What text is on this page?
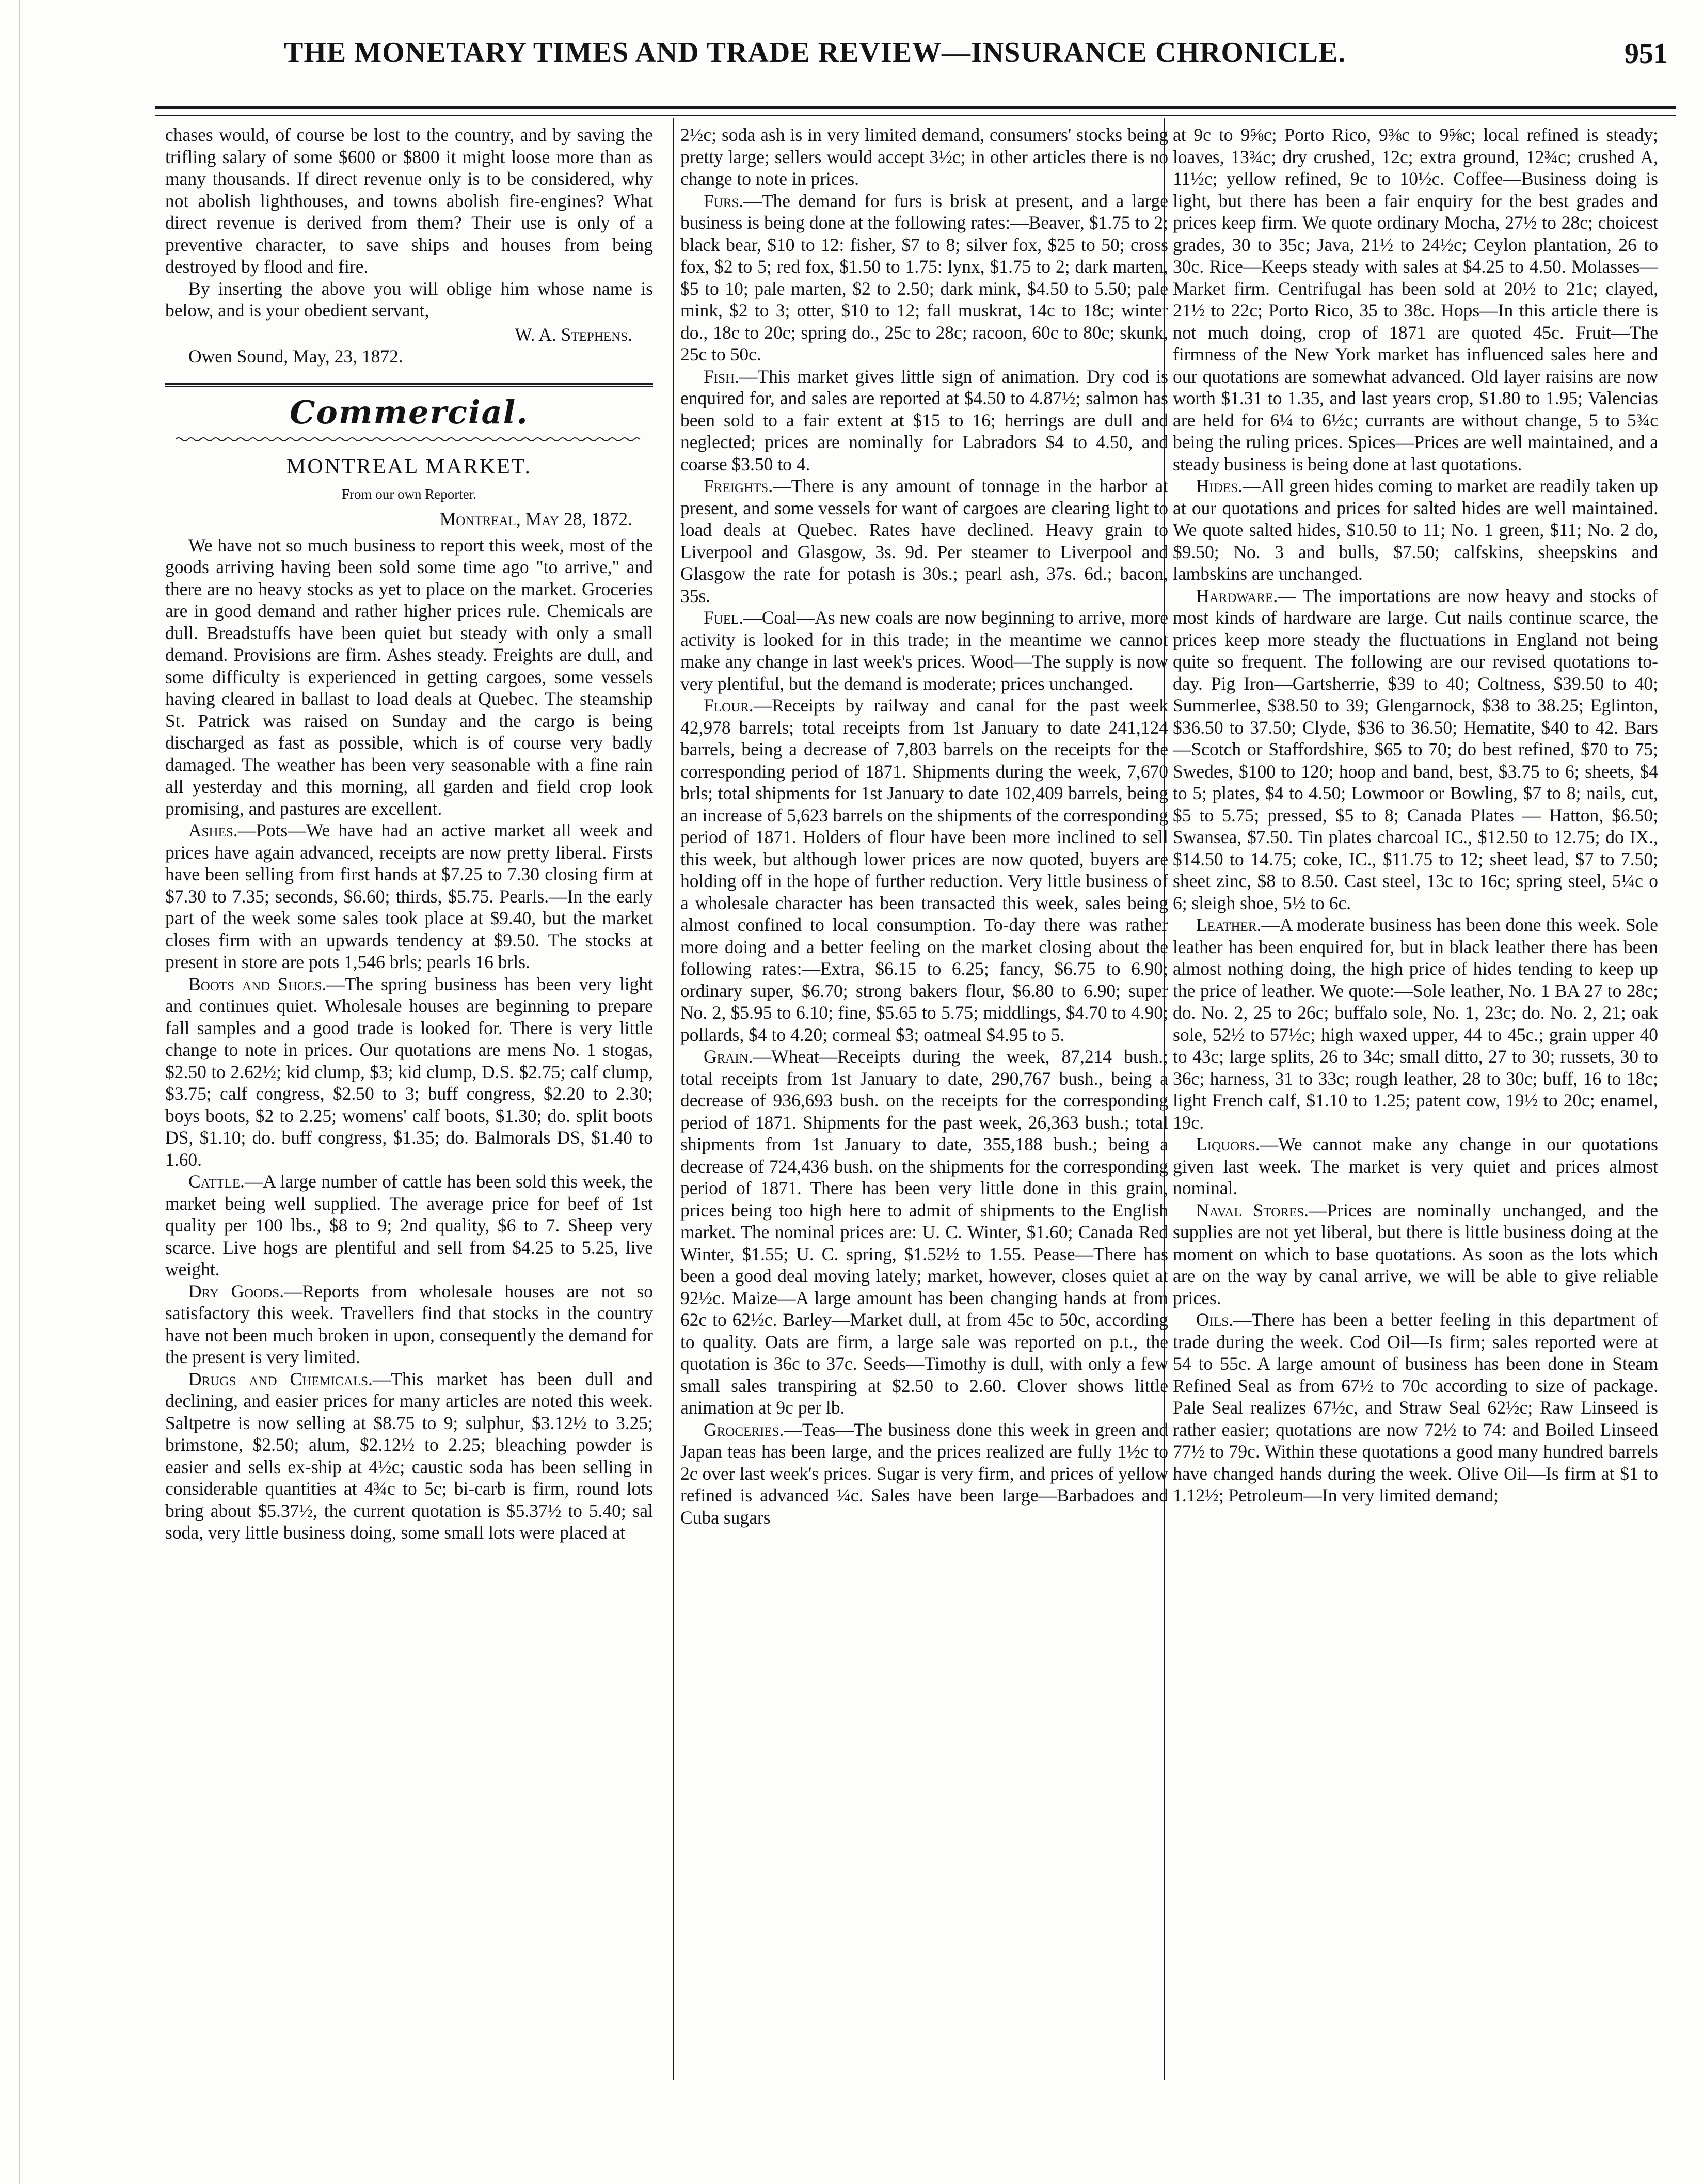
THE MONETARY TIMES AND TRADE REVIEW—INSURANCE CHRONICLE.	951

chases would, of course be lost to the country, and by saving the trifling salary of some $600 or $800 it might loose more than as many thousands. If direct revenue only is to be considered, why not abolish lighthouses, and towns abolish fire-engines? What direct revenue is derived from them? Their use is only of a preventive character, to save ships and houses from being destroyed by flood and fire.

By inserting the above you will oblige him whose name is below, and is your obedient servant,

W. A. Stephens.

Owen Sound, May, 23, 1872.

Commercial.
MONTREAL MARKET.
From our own Reporter.
Montreal, May 28, 1872.

We have not so much business to report this week, most of the goods arriving having been sold some time ago "to arrive," and there are no heavy stocks as yet to place on the market. Groceries are in good demand and rather higher prices rule. Chemicals are dull. Breadstuffs have been quiet but steady with only a small demand. Provisions are firm. Ashes steady. Freights are dull, and some difficulty is experienced in getting cargoes, some vessels having cleared in ballast to load deals at Quebec. The steamship St. Patrick was raised on Sunday and the cargo is being discharged as fast as possible, which is of course very badly damaged. The weather has been very seasonable with a fine rain all yesterday and this morning, all garden and field crop look promising, and pastures are excellent.

Ashes.—Pots—We have had an active market all week and prices have again advanced, receipts are now pretty liberal. Firsts have been selling from first hands at $7.25 to 7.30 closing firm at $7.30 to 7.35; seconds, $6.60; thirds, $5.75. Pearls.—In the early part of the week some sales took place at $9.40, but the market closes firm with an upwards tendency at $9.50. The stocks at present in store are pots 1,546 brls; pearls 16 brls.

Boots and Shoes.—The spring business has been very light and continues quiet. Wholesale houses are beginning to prepare fall samples and a good trade is looked for. There is very little change to note in prices. Our quotations are mens No. 1 stogas, $2.50 to 2.62½; kid clump, $3; kid clump, D.S. $2.75; calf clump, $3.75; calf congress, $2.50 to 3; buff congress, $2.20 to 2.30; boys boots, $2 to 2.25; womens' calf boots, $1.30; do. split boots DS, $1.10; do. buff congress, $1.35; do. Balmorals DS, $1.40 to 1.60.

Cattle.—A large number of cattle has been sold this week, the market being well supplied. The average price for beef of 1st quality per 100 lbs., $8 to 9; 2nd quality, $6 to 7. Sheep very scarce. Live hogs are plentiful and sell from $4.25 to 5.25, live weight.

Dry Goods.—Reports from wholesale houses are not so satisfactory this week. Travellers find that stocks in the country have not been much broken in upon, consequently the demand for the present is very limited.

Drugs and Chemicals.—This market has been dull and declining, and easier prices for many articles are noted this week. Saltpetre is now selling at $8.75 to 9; sulphur, $3.12½ to 3.25; brimstone, $2.50; alum, $2.12½ to 2.25; bleaching powder is easier and sells ex-ship at 4½c; caustic soda has been selling in considerable quantities at 4¾c to 5c; bi-carb is firm, round lots bring about $5.37½, the current quotation is $5.37½ to 5.40; sal soda, very little business doing, some small lots were placed at

2½c; soda ash is in very limited demand, consumers' stocks being pretty large; sellers would accept 3½c; in other articles there is no change to note in prices.

Furs.—The demand for furs is brisk at present, and a large business is being done at the following rates:—Beaver, $1.75 to 2; black bear, $10 to 12: fisher, $7 to 8; silver fox, $25 to 50; cross fox, $2 to 5; red fox, $1.50 to 1.75: lynx, $1.75 to 2; dark marten, $5 to 10; pale marten, $2 to 2.50; dark mink, $4.50 to 5.50; pale mink, $2 to 3; otter, $10 to 12; fall muskrat, 14c to 18c; winter do., 18c to 20c; spring do., 25c to 28c; racoon, 60c to 80c; skunk, 25c to 50c.

Fish.—This market gives little sign of animation. Dry cod is enquired for, and sales are reported at $4.50 to 4.87½; salmon has been sold to a fair extent at $15 to 16; herrings are dull and neglected; prices are nominally for Labradors $4 to 4.50, and coarse $3.50 to 4.

Freights.—There is any amount of tonnage in the harbor at present, and some vessels for want of cargoes are clearing light to load deals at Quebec. Rates have declined. Heavy grain to Liverpool and Glasgow, 3s. 9d. Per steamer to Liverpool and Glasgow the rate for potash is 30s.; pearl ash, 37s. 6d.; bacon, 35s.

Fuel.—Coal—As new coals are now beginning to arrive, more activity is looked for in this trade; in the meantime we cannot make any change in last week's prices. Wood—The supply is now very plentiful, but the demand is moderate; prices unchanged.

Flour.—Receipts by railway and canal for the past week 42,978 barrels; total receipts from 1st January to date 241,124 barrels, being a decrease of 7,803 barrels on the receipts for the corresponding period of 1871. Shipments during the week, 7,670 brls; total shipments for 1st January to date 102,409 barrels, being an increase of 5,623 barrels on the shipments of the corresponding period of 1871. Holders of flour have been more inclined to sell this week, but although lower prices are now quoted, buyers are holding off in the hope of further reduction. Very little business of a wholesale character has been transacted this week, sales being almost confined to local consumption. To-day there was rather more doing and a better feeling on the market closing about the following rates:—Extra, $6.15 to 6.25; fancy, $6.75 to 6.90; ordinary super, $6.70; strong bakers flour, $6.80 to 6.90; super No. 2, $5.95 to 6.10; fine, $5.65 to 5.75; middlings, $4.70 to 4.90; pollards, $4 to 4.20; cormeal $3; oatmeal $4.95 to 5.

Grain.—Wheat—Receipts during the week, 87,214 bush.; total receipts from 1st January to date, 290,767 bush., being a decrease of 936,693 bush. on the receipts for the corresponding period of 1871. Shipments for the past week, 26,363 bush.; total shipments from 1st January to date, 355,188 bush.; being a decrease of 724,436 bush. on the shipments for the corresponding period of 1871. There has been very little done in this grain, prices being too high here to admit of shipments to the English market. The nominal prices are: U. C. Winter, $1.60; Canada Red Winter, $1.55; U. C. spring, $1.52½ to 1.55. Pease—There has been a good deal moving lately; market, however, closes quiet at 92½c. Maize—A large amount has been changing hands at from 62c to 62½c. Barley—Market dull, at from 45c to 50c, according to quality. Oats are firm, a large sale was reported on p.t., the quotation is 36c to 37c. Seeds—Timothy is dull, with only a few small sales transpiring at $2.50 to 2.60. Clover shows little animation at 9c per lb.

Groceries.—Teas—The business done this week in green and Japan teas has been large, and the prices realized are fully 1½c to 2c over last week's prices. Sugar is very firm, and prices of yellow refined is advanced ¼c. Sales have been large—Barbadoes and Cuba sugars

at 9c to 9⅝c; Porto Rico, 9⅜c to 9⅝c; local refined is steady; loaves, 13¾c; dry crushed, 12c; extra ground, 12¾c; crushed A, 11½c; yellow refined, 9c to 10½c. Coffee—Business doing is light, but there has been a fair enquiry for the best grades and prices keep firm. We quote ordinary Mocha, 27½ to 28c; choicest grades, 30 to 35c; Java, 21½ to 24½c; Ceylon plantation, 26 to 30c. Rice—Keeps steady with sales at $4.25 to 4.50. Molasses—Market firm. Centrifugal has been sold at 20½ to 21c; clayed, 21½ to 22c; Porto Rico, 35 to 38c. Hops—In this article there is not much doing, crop of 1871 are quoted 45c. Fruit—The firmness of the New York market has influenced sales here and our quotations are somewhat advanced. Old layer raisins are now worth $1.31 to 1.35, and last years crop, $1.80 to 1.95; Valencias are held for 6¼ to 6½c; currants are without change, 5 to 5¾c being the ruling prices. Spices—Prices are well maintained, and a steady business is being done at last quotations.

Hides.—All green hides coming to market are readily taken up at our quotations and prices for salted hides are well maintained. We quote salted hides, $10.50 to 11; No. 1 green, $11; No. 2 do, $9.50; No. 3 and bulls, $7.50; calfskins, sheepskins and lambskins are unchanged.

Hardware.— The importations are now heavy and stocks of most kinds of hardware are large. Cut nails continue scarce, the prices keep more steady the fluctuations in England not being quite so frequent. The following are our revised quotations to-day. Pig Iron—Gartsherrie, $39 to 40; Coltness, $39.50 to 40; Summerlee, $38.50 to 39; Glengarnock, $38 to 38.25; Eglinton, $36.50 to 37.50; Clyde, $36 to 36.50; Hematite, $40 to 42. Bars—Scotch or Staffordshire, $65 to 70; do best refined, $70 to 75; Swedes, $100 to 120; hoop and band, best, $3.75 to 6; sheets, $4 to 5; plates, $4 to 4.50; Lowmoor or Bowling, $7 to 8; nails, cut, $5 to 5.75; pressed, $5 to 8; Canada Plates — Hatton, $6.50; Swansea, $7.50. Tin plates charcoal IC., $12.50 to 12.75; do IX., $14.50 to 14.75; coke, IC., $11.75 to 12; sheet lead, $7 to 7.50; sheet zinc, $8 to 8.50. Cast steel, 13c to 16c; spring steel, 5¼c o 6; sleigh shoe, 5½ to 6c.

Leather.—A moderate business has been done this week. Sole leather has been enquired for, but in black leather there has been almost nothing doing, the high price of hides tending to keep up the price of leather. We quote:—Sole leather, No. 1 BA 27 to 28c; do. No. 2, 25 to 26c; buffalo sole, No. 1, 23c; do. No. 2, 21; oak sole, 52½ to 57½c; high waxed upper, 44 to 45c.; grain upper 40 to 43c; large splits, 26 to 34c; small ditto, 27 to 30; russets, 30 to 36c; harness, 31 to 33c; rough leather, 28 to 30c; buff, 16 to 18c; light French calf, $1.10 to 1.25; patent cow, 19½ to 20c; enamel, 19c.

Liquors.—We cannot make any change in our quotations given last week. The market is very quiet and prices almost nominal.

Naval Stores.—Prices are nominally unchanged, and the supplies are not yet liberal, but there is little business doing at the moment on which to base quotations. As soon as the lots which are on the way by canal arrive, we will be able to give reliable prices.

Oils.—There has been a better feeling in this department of trade during the week. Cod Oil—Is firm; sales reported were at 54 to 55c. A large amount of business has been done in Steam Refined Seal as from 67½ to 70c according to size of package. Pale Seal realizes 67½c, and Straw Seal 62½c; Raw Linseed is rather easier; quotations are now 72½ to 74: and Boiled Linseed 77½ to 79c. Within these quotations a good many hundred barrels have changed hands during the week. Olive Oil—Is firm at $1 to 1.12½; Petroleum—In very limited demand;
